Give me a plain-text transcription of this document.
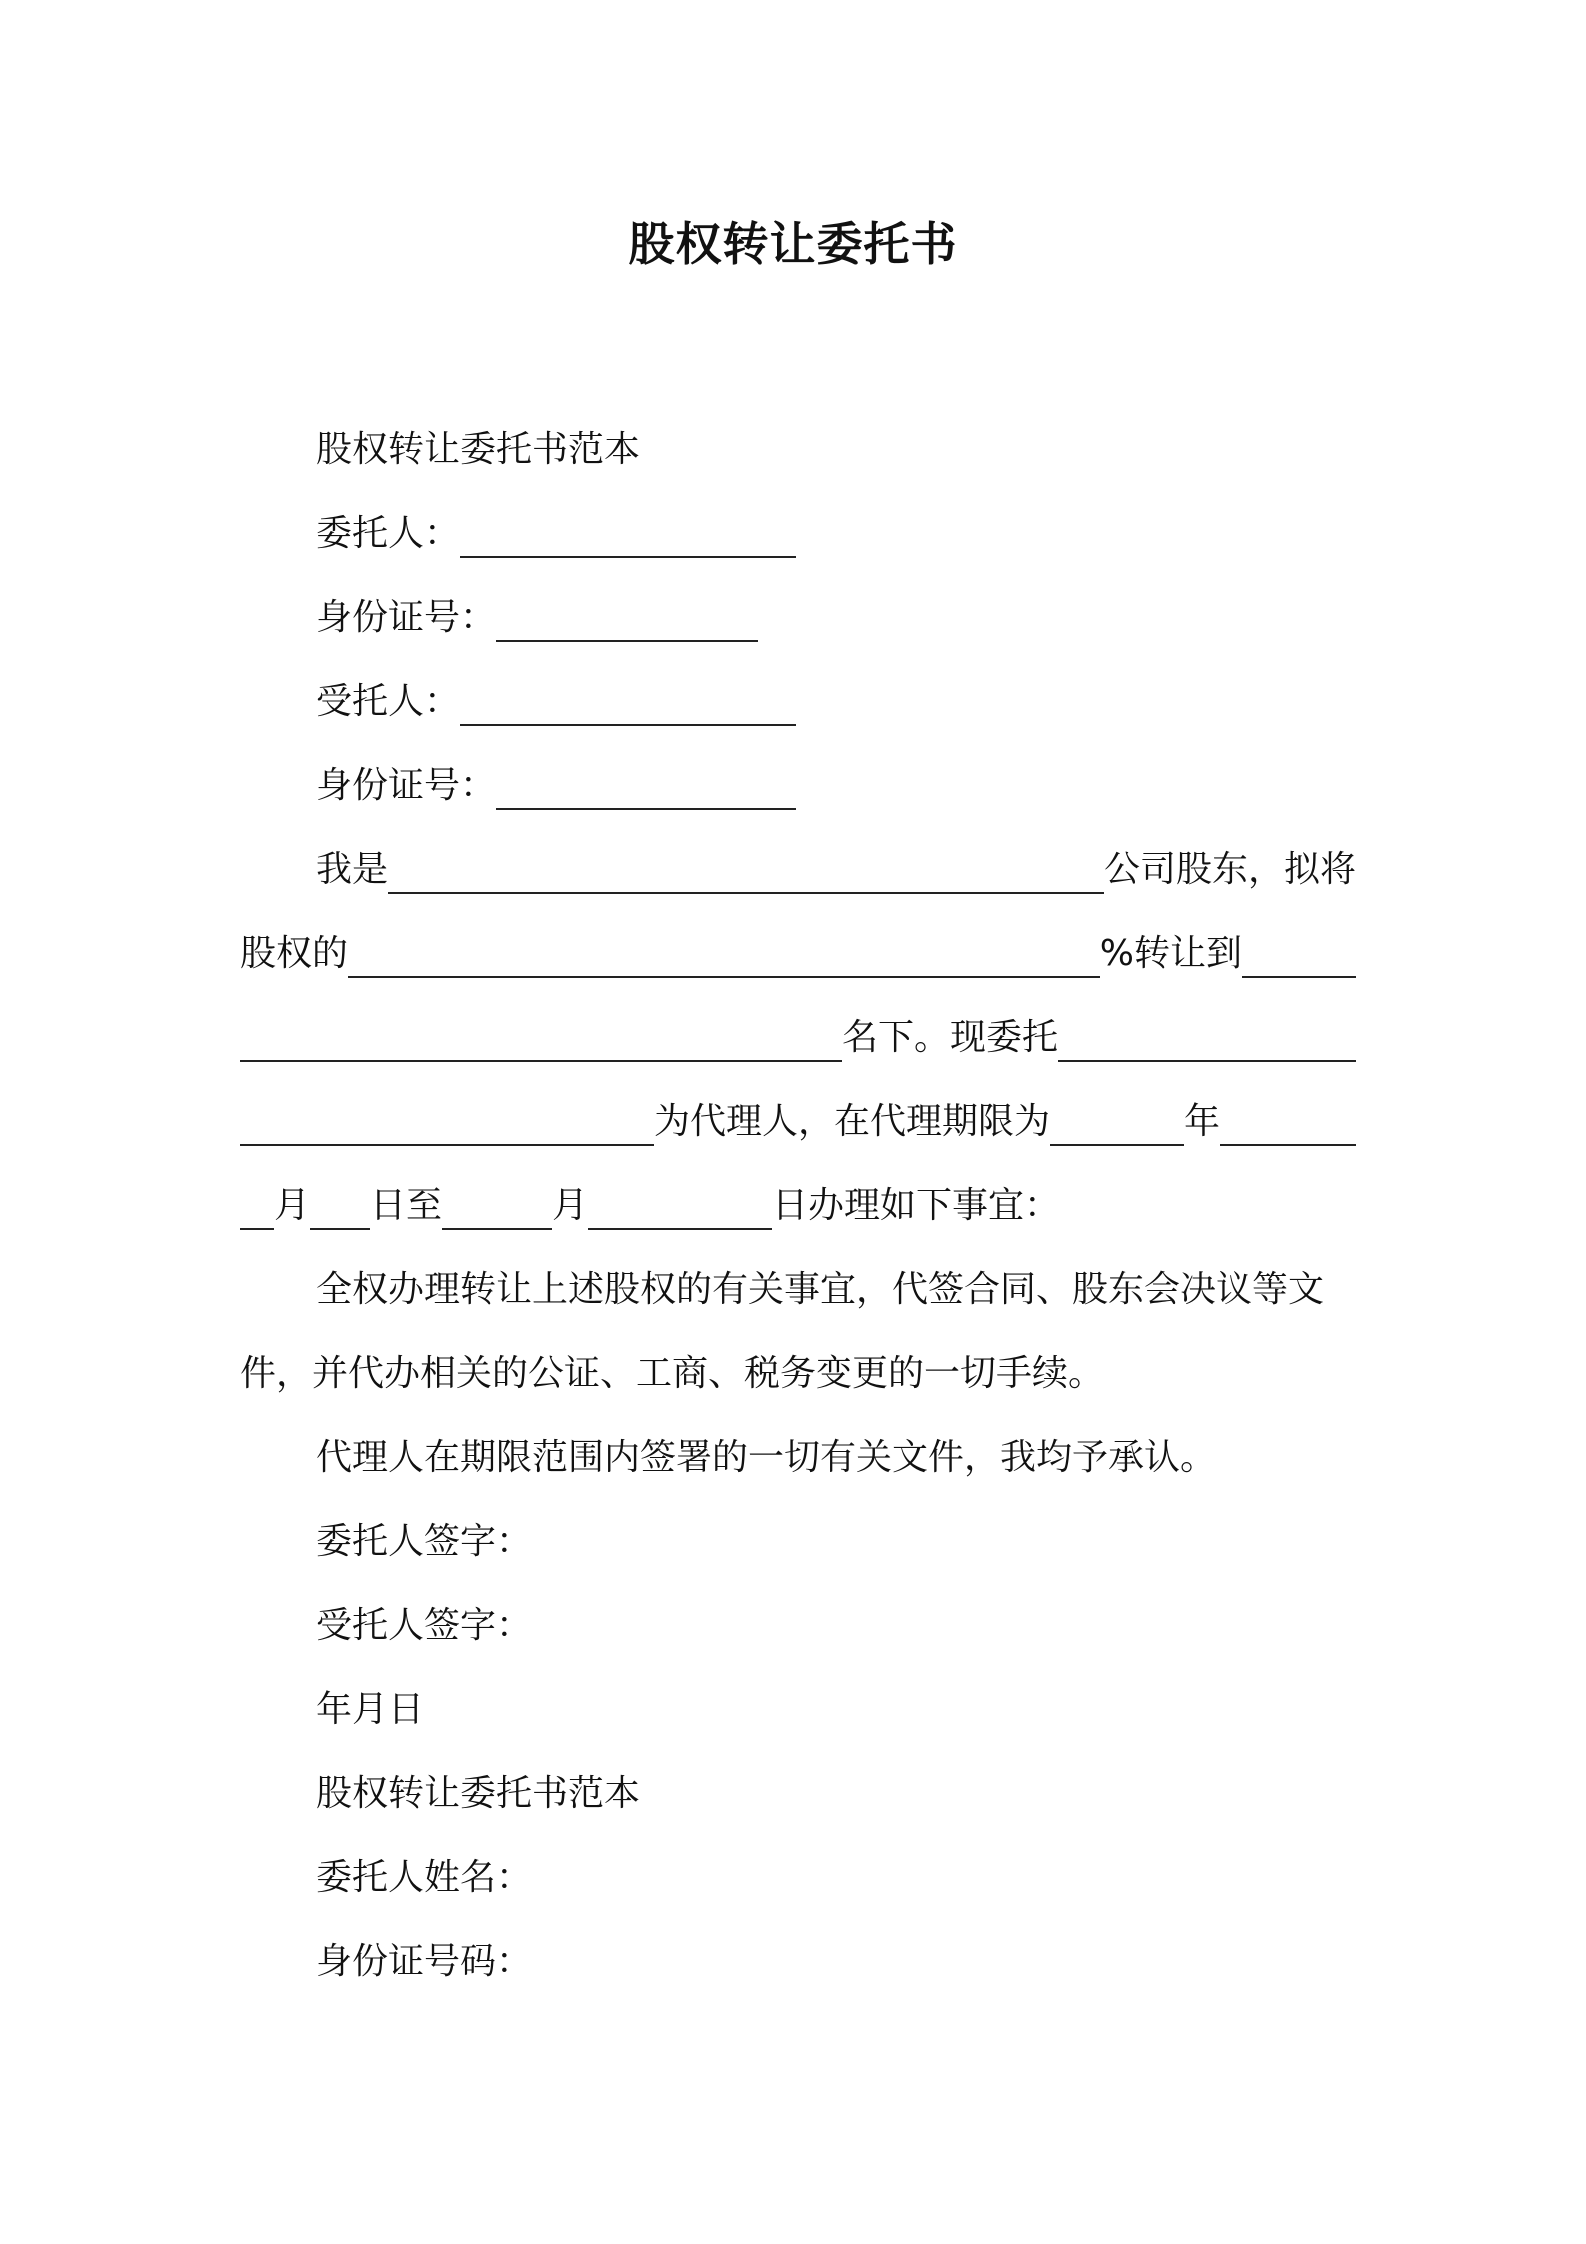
股权转让委托书
股权转让委托书范本
委托人：
身份证号：
受托人：
身份证号：
我是	公司股东，拟将
股权的	%转让到
名下。现委托
为代理人，在代理期限为	年
月 日至	月	日办理如下事宜：
全权办理转让上述股权的有关事宜，代签合同、股东会决议等文
件，并代办相关的公证、工商、税务变更的一切手续。
代理人在期限范围内签署的一切有关文件，我均予承认。
委托人签字：
受托人签字：
年月日
股权转让委托书范本
委托人姓名：
身份证号码：
